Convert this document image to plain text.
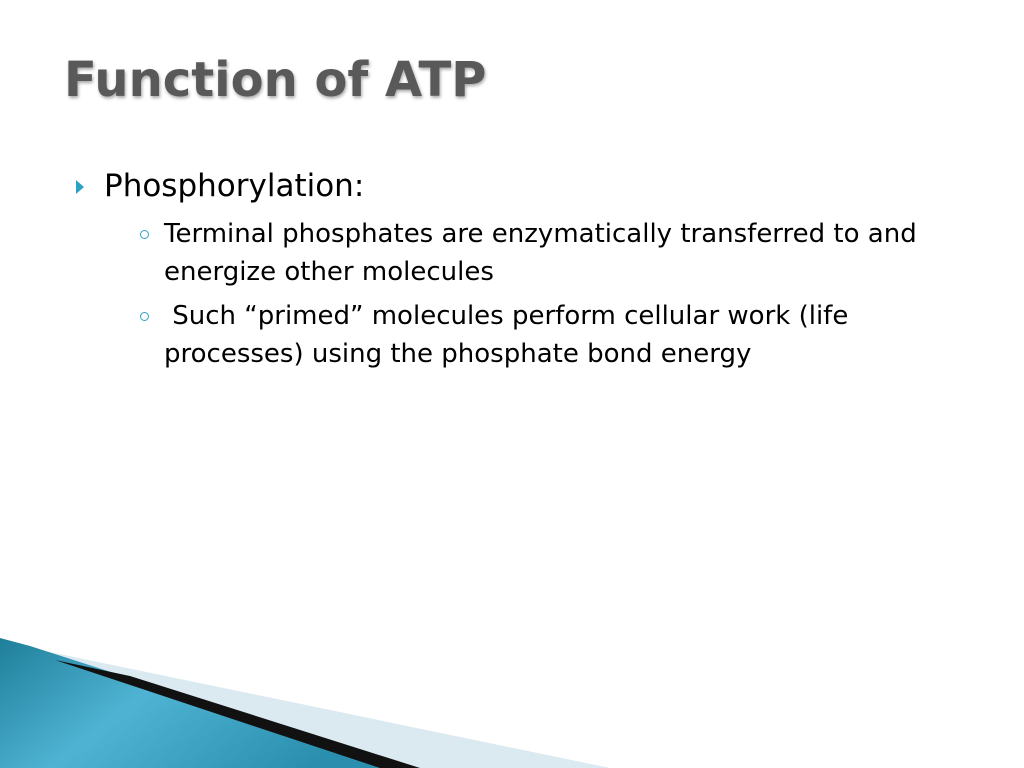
Function of ATP
Phosphorylation:
Terminal phosphates are enzymatically transferred to and energize other molecules
Such “primed” molecules perform cellular work (life processes) using the phosphate bond energy
